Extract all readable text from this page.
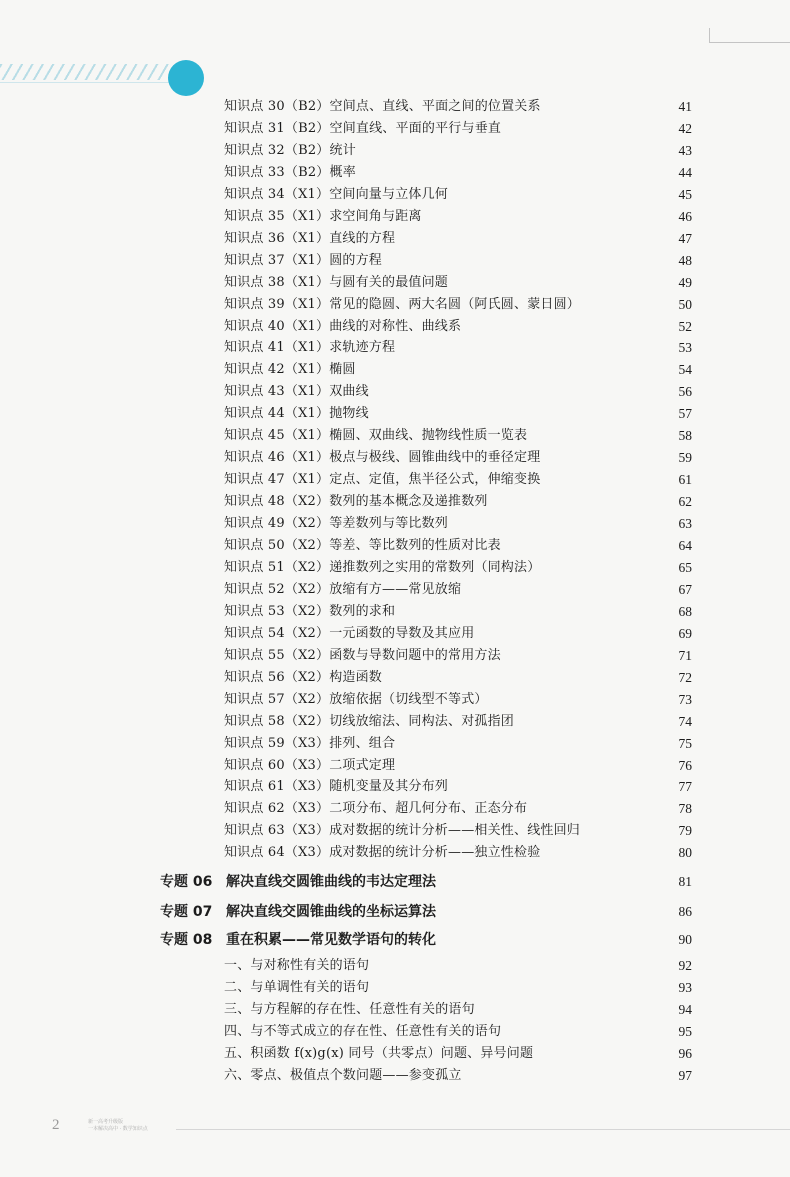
知识点 30（B2）空间点、直线、平面之间的位置关系	41
知识点 31（B2）空间直线、平面的平行与垂直	42
知识点 32（B2）统计	43
知识点 33（B2）概率	44
知识点 34（X1）空间向量与立体几何	45
知识点 35（X1）求空间角与距离	46
知识点 36（X1）直线的方程	47
知识点 37（X1）圆的方程	48
知识点 38（X1）与圆有关的最值问题	49
知识点 39（X1）常见的隐圆、两大名圆（阿氏圆、蒙日圆）	50
知识点 40（X1）曲线的对称性、曲线系	52
知识点 41（X1）求轨迹方程	53
知识点 42（X1）椭圆	54
知识点 43（X1）双曲线	56
知识点 44（X1）抛物线	57
知识点 45（X1）椭圆、双曲线、抛物线性质一览表	58
知识点 46（X1）极点与极线、圆锥曲线中的垂径定理	59
知识点 47（X1）定点、定值，焦半径公式，伸缩变换	61
知识点 48（X2）数列的基本概念及递推数列	62
知识点 49（X2）等差数列与等比数列	63
知识点 50（X2）等差、等比数列的性质对比表	64
知识点 51（X2）递推数列之实用的常数列（同构法）	65
知识点 52（X2）放缩有方——常见放缩	67
知识点 53（X2）数列的求和	68
知识点 54（X2）一元函数的导数及其应用	69
知识点 55（X2）函数与导数问题中的常用方法	71
知识点 56（X2）构造函数	72
知识点 57（X2）放缩依据（切线型不等式）	73
知识点 58（X2）切线放缩法、同构法、对孤指团	74
知识点 59（X3）排列、组合	75
知识点 60（X3）二项式定理	76
知识点 61（X3）随机变量及其分布列	77
知识点 62（X3）二项分布、超几何分布、正态分布	78
知识点 63（X3）成对数据的统计分析——相关性、线性回归	79
知识点 64（X3）成对数据的统计分析——独立性检验	80
专题 06 解决直线交圆锥曲线的韦达定理法	81
专题 07 解决直线交圆锥曲线的坐标运算法	86
专题 08 重在积累——常见数学语句的转化	90
一、与对称性有关的语句	92
二、与单调性有关的语句	93
三、与方程解的存在性、任意性有关的语句	94
四、与不等式成立的存在性、任意性有关的语句	95
五、积函数 f(x)g(x) 同号（共零点）问题、异号问题	96
六、零点、极值点个数问题——参变孤立	97
2	新一高考升级版
一本解决高中 · 数学知识点
